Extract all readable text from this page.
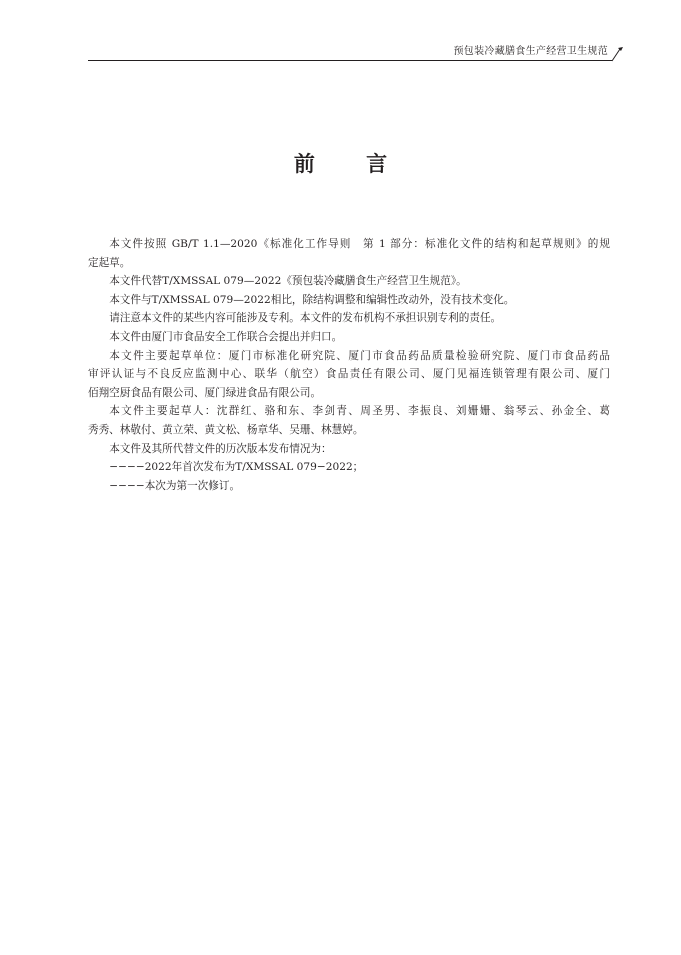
预包装冷藏膳食生产经营卫生规范
前 言

本文件按照 GB/T 1.1—2020《标准化工作导则　第 1 部分：标准化文件的结构和起草规则》的规
定起草。

本文件代替T/XMSSAL 079—2022《预包装冷藏膳食生产经营卫生规范》。

本文件与T/XMSSAL 079—2022相比，除结构调整和编辑性改动外，没有技术变化。

请注意本文件的某些内容可能涉及专利。本文件的发布机构不承担识别专利的责任。

本文件由厦门市食品安全工作联合会提出并归口。

本文件主要起草单位：厦门市标准化研究院、厦门市食品药品质量检验研究院、厦门市食品药品
审评认证与不良反应监测中心、联华（航空）食品责任有限公司、厦门见福连锁管理有限公司、厦门
佰翔空厨食品有限公司、厦门绿进食品有限公司。

本文件主要起草人：沈群红、骆和东、李剑青、周圣男、李振良、刘姗姗、翁琴云、孙金全、葛
秀秀、林敬付、黄立荣、黄文松、杨章华、吴珊、林慧婷。

本文件及其所代替文件的历次版本发布情况为：

−−−−2022年首次发布为T/XMSSAL 079−2022；

−−−−本次为第一次修订。
